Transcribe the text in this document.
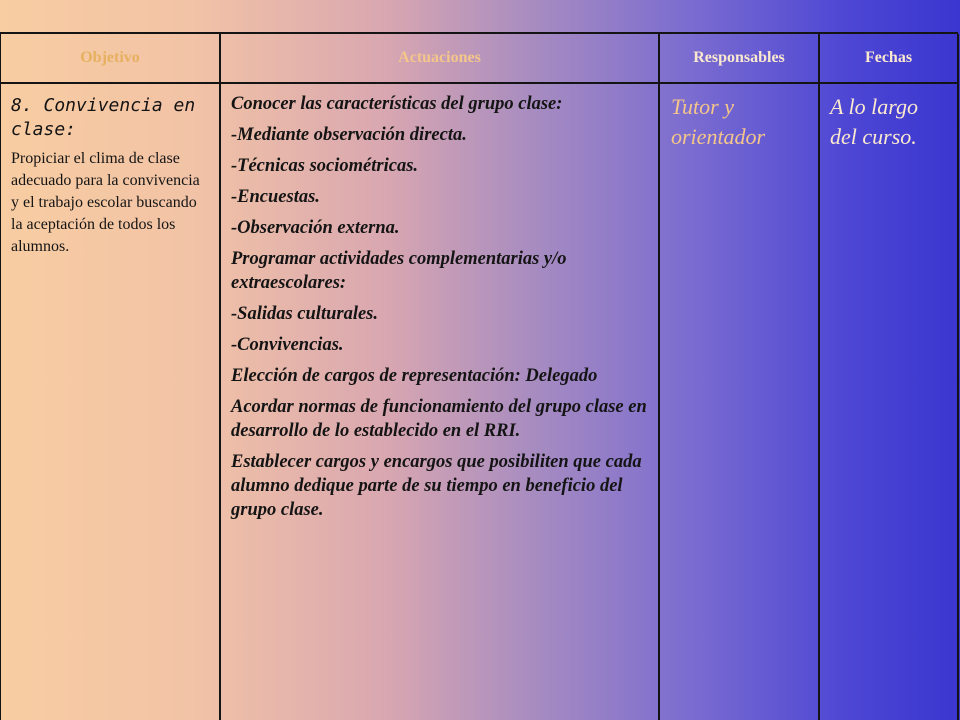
Objetivo

8. Convivencia en clase:

Propiciar el clima de clase adecuado para la convivencia y el trabajo escolar buscando la aceptación de todos los alumnos.

Actuaciones
Conocer las características del grupo clase:
-Mediante observación directa.
-Técnicas sociométricas.
-Encuestas.
-Observación externa.
Programar actividades complementarias y/o extraescolares:
-Salidas culturales.
-Convivencias.
Elección de cargos de representación: Delegado
Acordar normas de funcionamiento del grupo clase en desarrollo de lo establecido en el RRI.
Establecer cargos y encargos que posibiliten que cada alumno dedique parte de su tiempo en beneficio del grupo clase.
Responsables

Tutor y orientador

Fechas

A lo largo del curso.
